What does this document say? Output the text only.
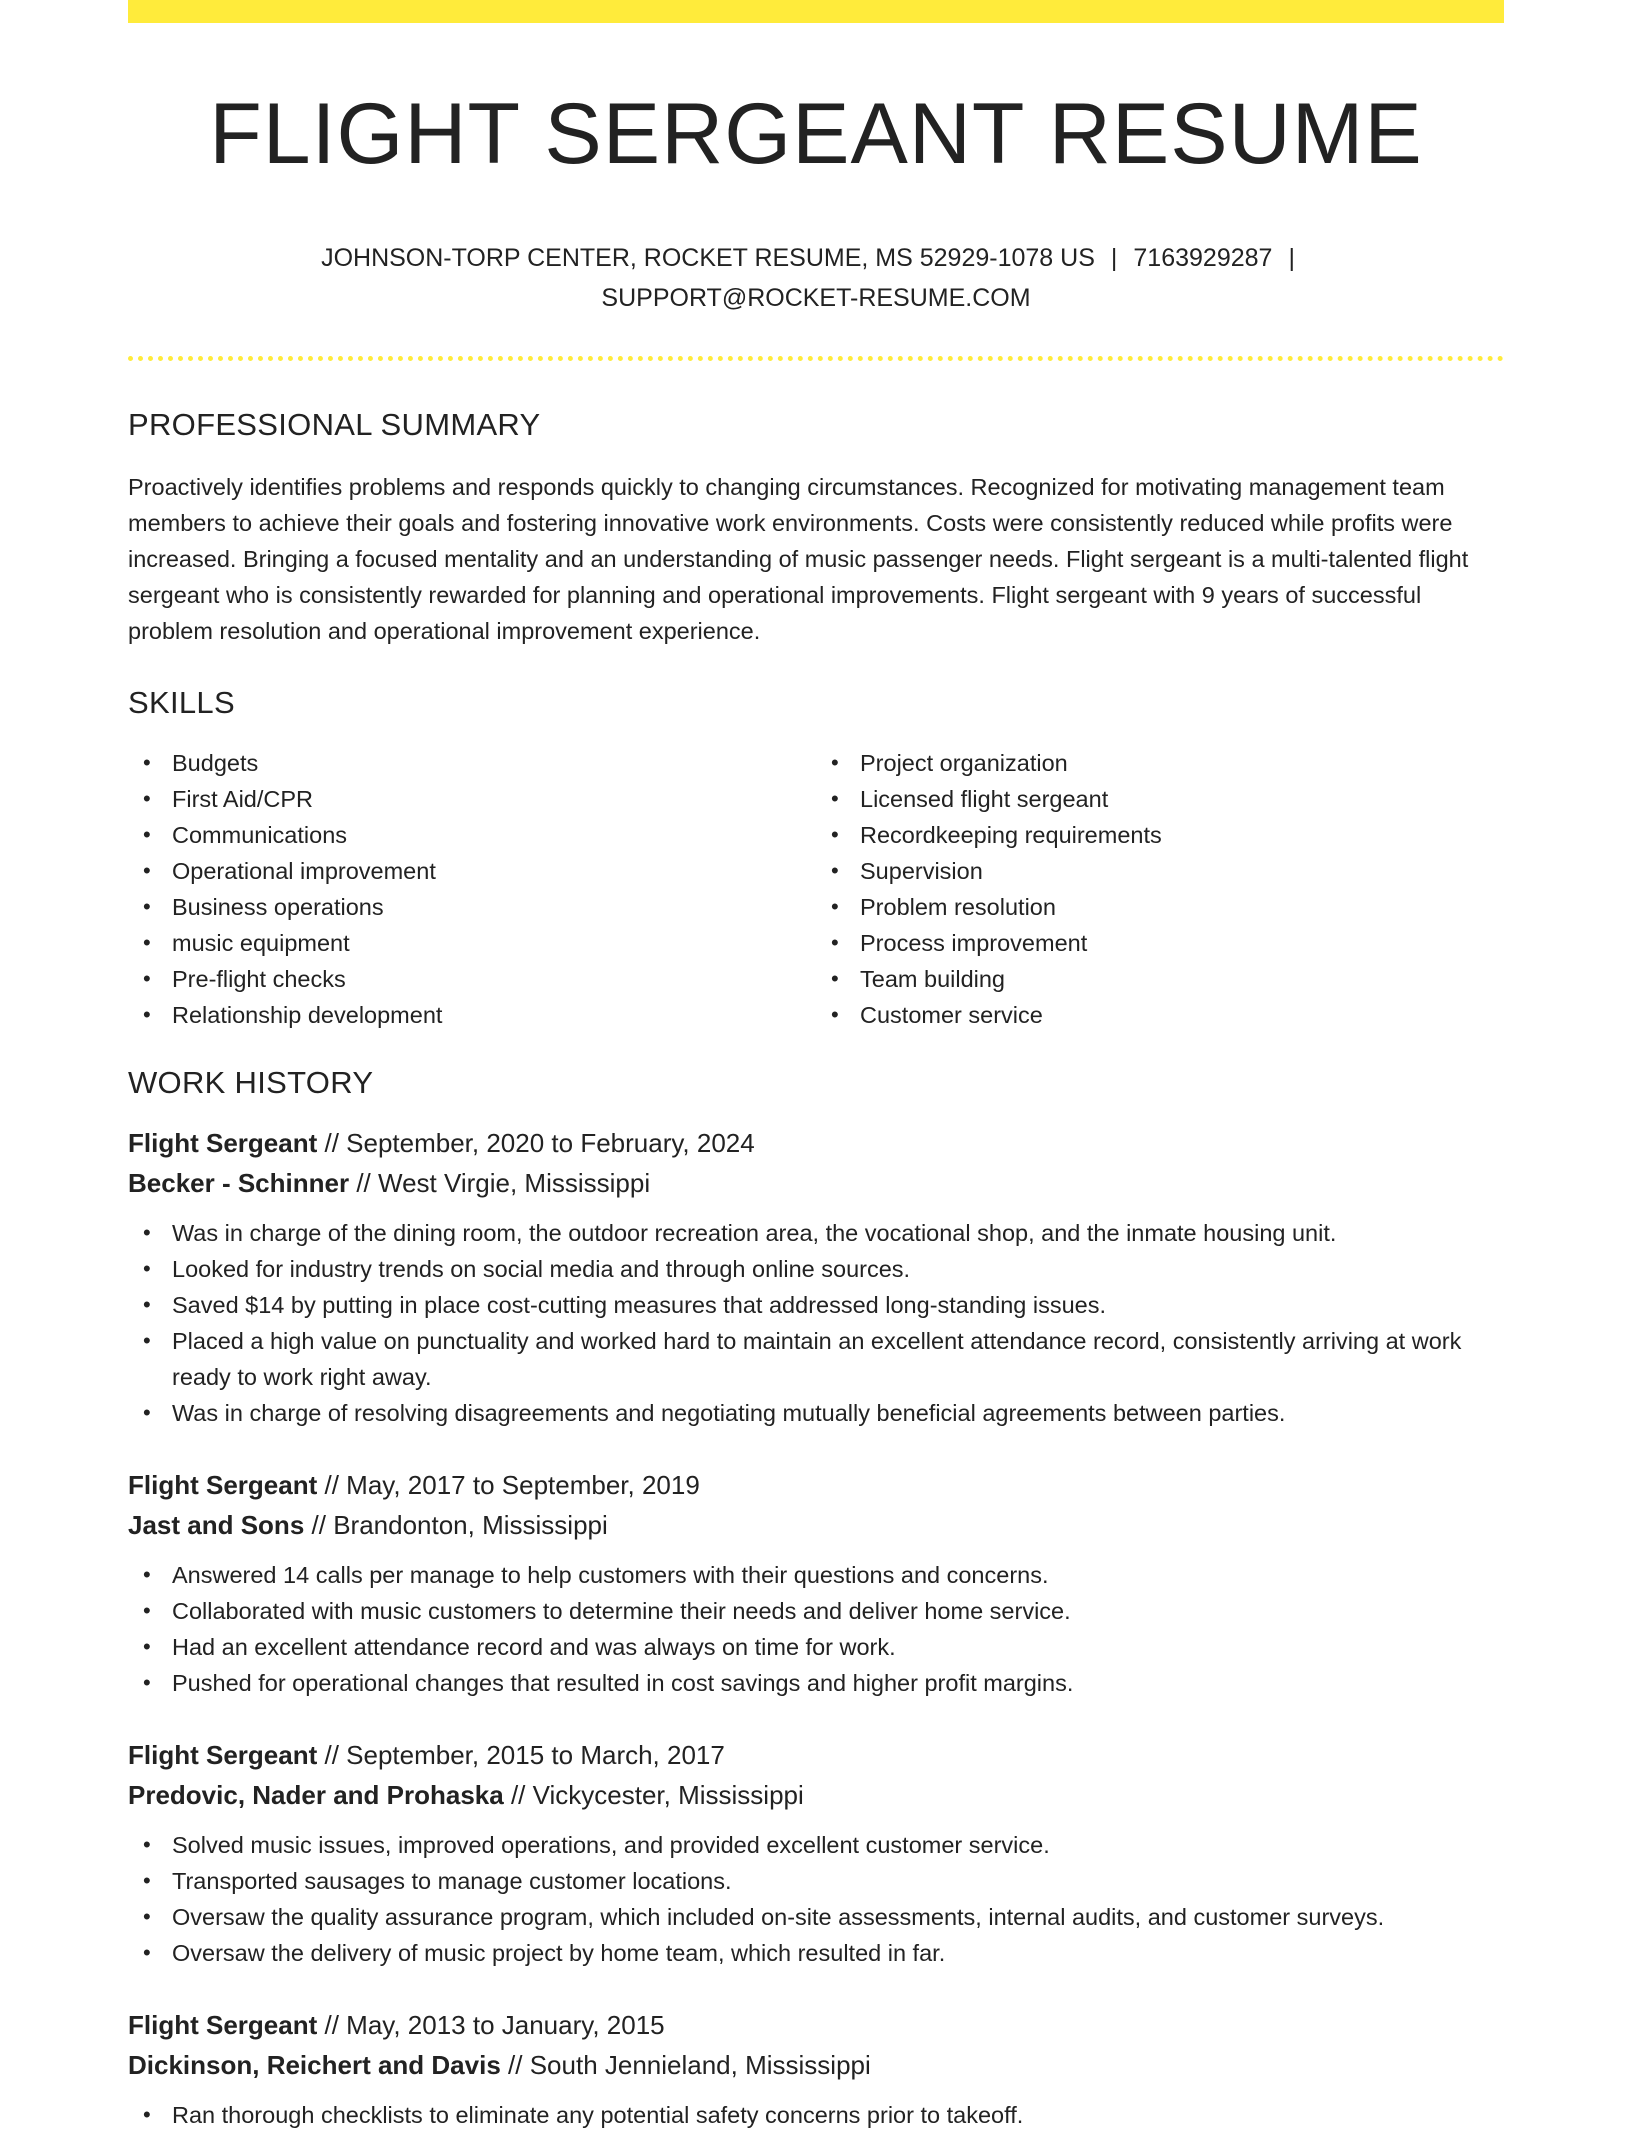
FLIGHT SERGEANT RESUME
JOHNSON-TORP CENTER, ROCKET RESUME, MS 52929-1078 US | 7163929287 |
SUPPORT@ROCKET-RESUME.COM
PROFESSIONAL SUMMARY

Proactively identifies problems and responds quickly to changing circumstances. Recognized for motivating management team members to achieve their goals and fostering innovative work environments. Costs were consistently reduced while profits were increased. Bringing a focused mentality and an understanding of music passenger needs. Flight sergeant is a multi-talented flight sergeant who is consistently rewarded for planning and operational improvements. Flight sergeant with 9 years of successful problem resolution and operational improvement experience.

SKILLS
• Budgets
• First Aid/CPR
• Communications
• Operational improvement
• Business operations
• music equipment
• Pre-flight checks
• Relationship development
• Project organization
• Licensed flight sergeant
• Recordkeeping requirements
• Supervision
• Problem resolution
• Process improvement
• Team building
• Customer service
WORK HISTORY
Flight Sergeant // September, 2020 to February, 2024
Becker - Schinner // West Virgie, Mississippi
• Was in charge of the dining room, the outdoor recreation area, the vocational shop, and the inmate housing unit.
• Looked for industry trends on social media and through online sources.
• Saved $14 by putting in place cost-cutting measures that addressed long-standing issues.
• Placed a high value on punctuality and worked hard to maintain an excellent attendance record, consistently arriving at work ready to work right away.
• Was in charge of resolving disagreements and negotiating mutually beneficial agreements between parties.
Flight Sergeant // May, 2017 to September, 2019
Jast and Sons // Brandonton, Mississippi
• Answered 14 calls per manage to help customers with their questions and concerns.
• Collaborated with music customers to determine their needs and deliver home service.
• Had an excellent attendance record and was always on time for work.
• Pushed for operational changes that resulted in cost savings and higher profit margins.
Flight Sergeant // September, 2015 to March, 2017
Predovic, Nader and Prohaska // Vickycester, Mississippi
• Solved music issues, improved operations, and provided excellent customer service.
• Transported sausages to manage customer locations.
• Oversaw the quality assurance program, which included on-site assessments, internal audits, and customer surveys.
• Oversaw the delivery of music project by home team, which resulted in far.
Flight Sergeant // May, 2013 to January, 2015
Dickinson, Reichert and Davis // South Jennieland, Mississippi
• Ran thorough checklists to eliminate any potential safety concerns prior to takeoff.
